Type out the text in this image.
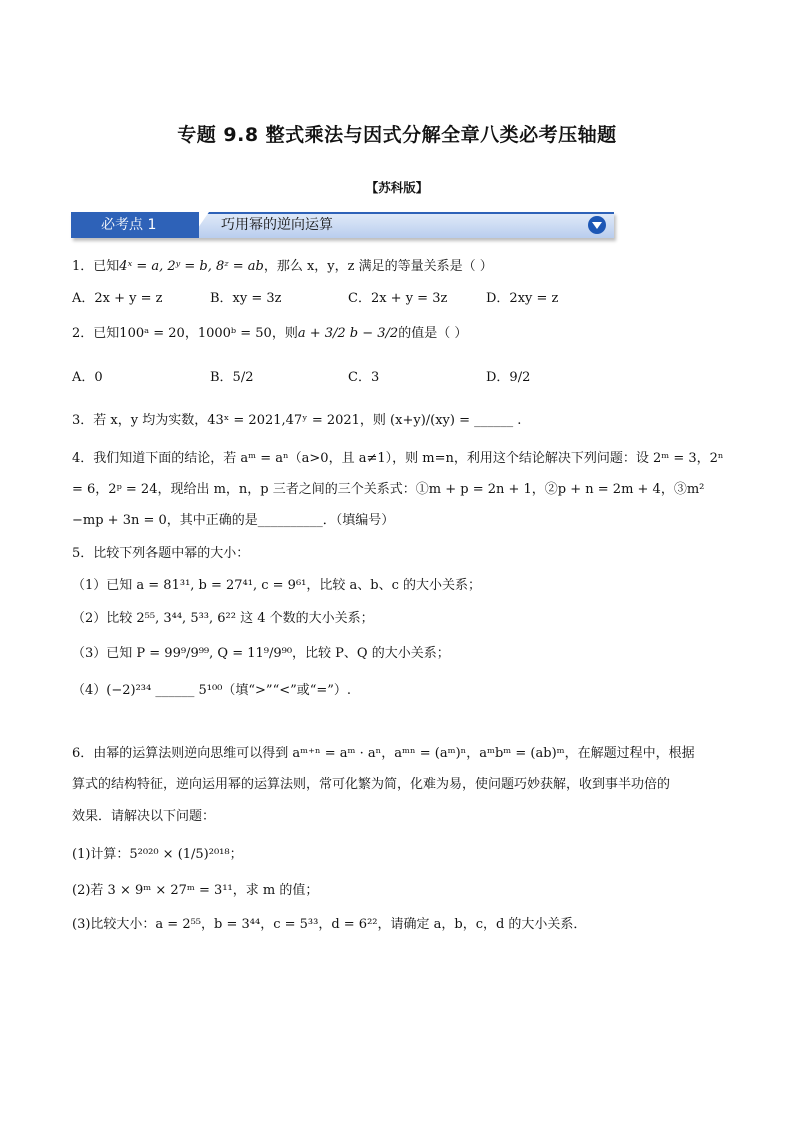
专题 9.8 整式乘法与因式分解全章八类必考压轴题
【苏科版】
必考点 1	巧用幂的逆向运算
1．已知4ˣ = a, 2ʸ = b, 8ᶻ = ab，那么 x，y，z 满足的等量关系是（ ）
A．2x + y = z	B．xy = 3z	C．2x + y = 3z	D．2xy = z
2．已知100ᵃ = 20，1000ᵇ = 50，则a + 3/2 b − 3/2的值是（ ）
A．0	B．5/2	C．3	D．9/2
3．若 x，y 均为实数，43ˣ = 2021,47ʸ = 2021，则 (x+y)/(xy) = ______ .
4．我们知道下面的结论，若 aᵐ = aⁿ（a>0，且 a≠1），则 m=n，利用这个结论解决下列问题：设 2ᵐ = 3，2ⁿ
= 6，2ᵖ = 24，现给出 m，n，p 三者之间的三个关系式：①m + p = 2n + 1，②p + n = 2m + 4，③m²
−mp + 3n = 0，其中正确的是__________．（填编号）
5．比较下列各题中幂的大小：
（1）已知 a = 81³¹, b = 27⁴¹, c = 9⁶¹，比较 a、b、c 的大小关系；
（2）比较 2⁵⁵, 3⁴⁴, 5³³, 6²² 这 4 个数的大小关系；
（3）已知 P = 99⁹/9⁹⁹, Q = 11⁹/9⁹⁰，比较 P、Q 的大小关系；
（4）(−2)²³⁴ ______ 5¹⁰⁰（填“>”“<”或“=”）.
6．由幂的运算法则逆向思维可以得到 aᵐ⁺ⁿ = aᵐ · aⁿ，aᵐⁿ = (aᵐ)ⁿ，aᵐbᵐ = (ab)ᵐ，在解题过程中，根据
算式的结构特征，逆向运用幂的运算法则，常可化繁为简，化难为易，使问题巧妙获解，收到事半功倍的
效果．请解决以下问题：
(1)计算：5²⁰²⁰ × (1/5)²⁰¹⁸；
(2)若 3 × 9ᵐ × 27ᵐ = 3¹¹，求 m 的值；
(3)比较大小：a = 2⁵⁵，b = 3⁴⁴，c = 5³³，d = 6²²，请确定 a，b，c，d 的大小关系．
